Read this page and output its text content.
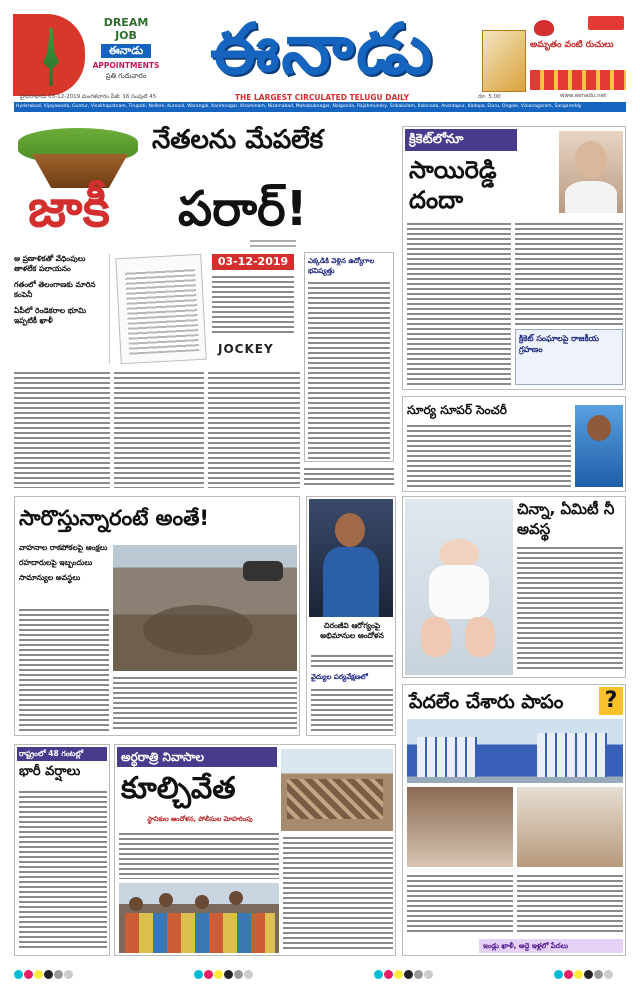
DREAM
JOB
ఈనాడు
APPOINTMENTS
ప్రతి గురువారం ఈనాడు
THE LARGEST CIRCULATED TELUGU DAILY
అమృతం వంటి రుచులు
హైదరాబాదు 03-12-2019 మంగళవారం పేజీ: 16 సంపుటి 45	రూ. 5.00	www.eenadu.net
Hyderabad, Vijayawada, Guntur, Visakhapatnam, Tirupati, Nellore, Kurnool, Warangal, Karimnagar, Khammam, Nizamabad, Mahabubnagar, Nalgonda, Rajahmundry, Srikakulam, Kakinada, Anantapur, Kadapa, Eluru, Ongole, Vizianagaram, Sangareddy
నేతలను మేపలేక
జాకీ	పరార్!
ఆ ప్రణాళికతో వేధింపులు తాళలేక పలాయనం
గతంలో తెలంగాణకు మారిన కంపెనీ
ఏపీలో రెండెకరాల భూమి ఇప్పటికీ ఖాళీ
03-12-2019
JOCKEY
ఎక్కడికి వెళ్లిన ఉద్యోగాల భవిష్యత్తు
క్రికెట్‌లోనూ
సాయిరెడ్డి దందా
క్రికెట్ సంఘాలపై రాజకీయ గ్రహణం
సూర్య సూపర్ సెంచరీ
సారొస్తున్నారంటే అంతే!
వాహనాల రాకపోకలపై ఆంక్షలు
రహదారులపై ఇబ్బందులు
సామాన్యుల అవస్థలు
చిరంజీవి ఆరోగ్యంపై అభిమానుల ఆందోళన
వైద్యుల పర్యవేక్షణలో
చిన్నా, ఏమిటీ నీ అవస్థ
పేదలేం చేశారు పాపం	?
ఇండ్లు ఖాళీ, అద్దె ఇళ్లలో పేదలు
రాష్ట్రంలో 48 గంటల్లో
భారీ వర్షాలు
అర్ధరాత్రి నివాసాల
కూల్చివేత
స్థానికుల ఆందోళన, పోలీసుల మోహరింపు
